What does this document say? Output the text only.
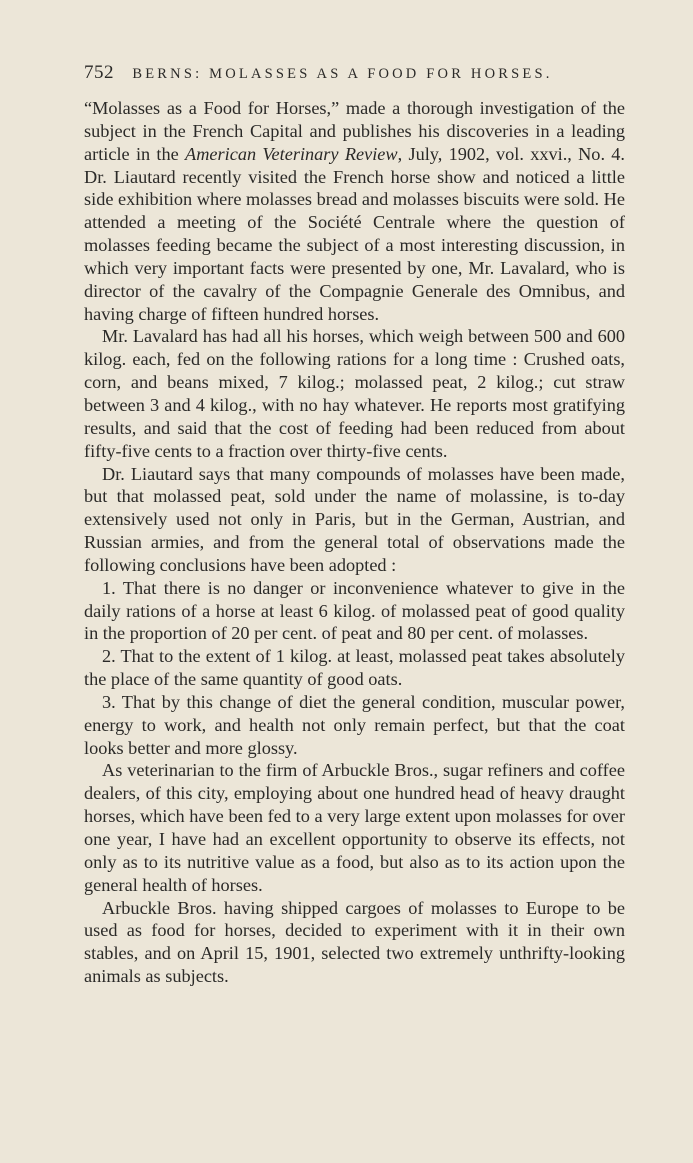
752 BERNS: MOLASSES AS A FOOD FOR HORSES.

“Molasses as a Food for Horses,” made a thorough investigation of the subject in the French Capital and publishes his discoveries in a leading article in the American Veterinary Review, July, 1902, vol. xxvi., No. 4. Dr. Liautard recently visited the French horse show and noticed a little side exhibition where molasses bread and molasses biscuits were sold. He attended a meeting of the Société Centrale where the question of molasses feeding became the subject of a most interesting discussion, in which very important facts were presented by one, Mr. Lavalard, who is director of the cavalry of the Compagnie Generale des Omnibus, and having charge of fifteen hundred horses.

Mr. Lavalard has had all his horses, which weigh between 500 and 600 kilog. each, fed on the following rations for a long time : Crushed oats, corn, and beans mixed, 7 kilog.; molassed peat, 2 kilog.; cut straw between 3 and 4 kilog., with no hay whatever. He reports most gratifying results, and said that the cost of feeding had been reduced from about fifty-five cents to a fraction over thirty-five cents.

Dr. Liautard says that many compounds of molasses have been made, but that molassed peat, sold under the name of molassine, is to-day extensively used not only in Paris, but in the German, Austrian, and Russian armies, and from the general total of observations made the following conclusions have been adopted :

1. That there is no danger or inconvenience whatever to give in the daily rations of a horse at least 6 kilog. of molassed peat of good quality in the proportion of 20 per cent. of peat and 80 per cent. of molasses.

2. That to the extent of 1 kilog. at least, molassed peat takes absolutely the place of the same quantity of good oats.

3. That by this change of diet the general condition, muscular power, energy to work, and health not only remain perfect, but that the coat looks better and more glossy.

As veterinarian to the firm of Arbuckle Bros., sugar refiners and coffee dealers, of this city, employing about one hundred head of heavy draught horses, which have been fed to a very large extent upon molasses for over one year, I have had an excellent opportunity to observe its effects, not only as to its nutritive value as a food, but also as to its action upon the general health of horses.

Arbuckle Bros. having shipped cargoes of molasses to Europe to be used as food for horses, decided to experiment with it in their own stables, and on April 15, 1901, selected two extremely unthrifty-looking animals as subjects.
